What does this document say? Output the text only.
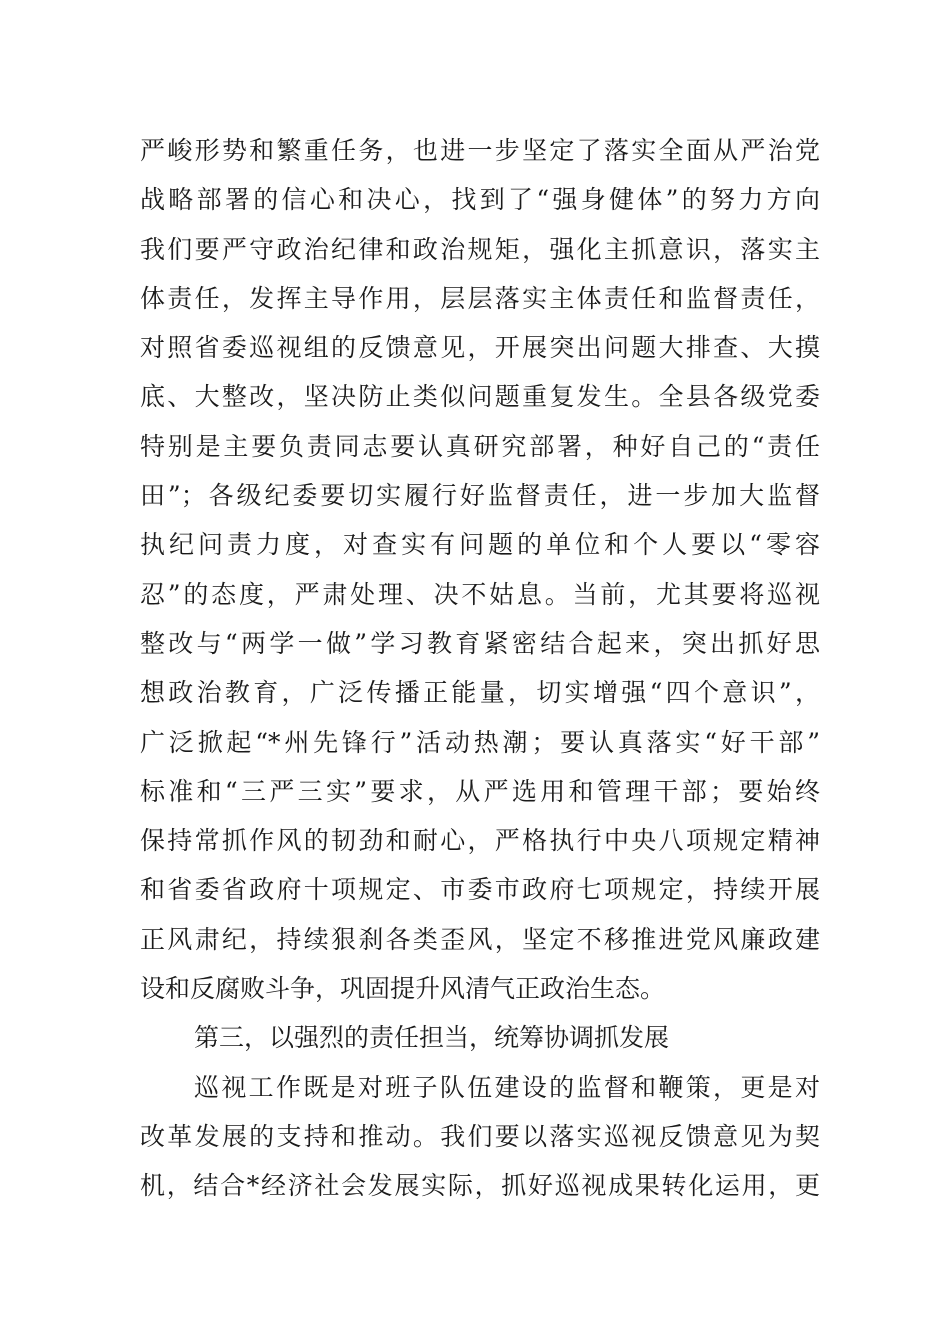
严峻形势和繁重任务，也进一步坚定了落实全面从严治党
战略部署的信心和决心，找到了“强身健体”的努力方向
我们要严守政治纪律和政治规矩，强化主抓意识，落实主
体责任，发挥主导作用，层层落实主体责任和监督责任，
对照省委巡视组的反馈意见，开展突出问题大排查、大摸
底、大整改，坚决防止类似问题重复发生。全县各级党委
特别是主要负责同志要认真研究部署，种好自己的“责任
田”；各级纪委要切实履行好监督责任，进一步加大监督
执纪问责力度，对查实有问题的单位和个人要以“零容
忍”的态度，严肃处理、决不姑息。当前，尤其要将巡视
整改与“两学一做”学习教育紧密结合起来，突出抓好思
想政治教育，广泛传播正能量，切实增强“四个意识”，
广泛掀起“*州先锋行”活动热潮；要认真落实“好干部”
标准和“三严三实”要求，从严选用和管理干部；要始终
保持常抓作风的韧劲和耐心，严格执行中央八项规定精神
和省委省政府十项规定、市委市政府七项规定，持续开展
正风肃纪，持续狠刹各类歪风，坚定不移推进党风廉政建
设和反腐败斗争，巩固提升风清气正政治生态。
第三，以强烈的责任担当，统筹协调抓发展
巡视工作既是对班子队伍建设的监督和鞭策，更是对
改革发展的支持和推动。我们要以落实巡视反馈意见为契
机，结合*经济社会发展实际，抓好巡视成果转化运用，更
